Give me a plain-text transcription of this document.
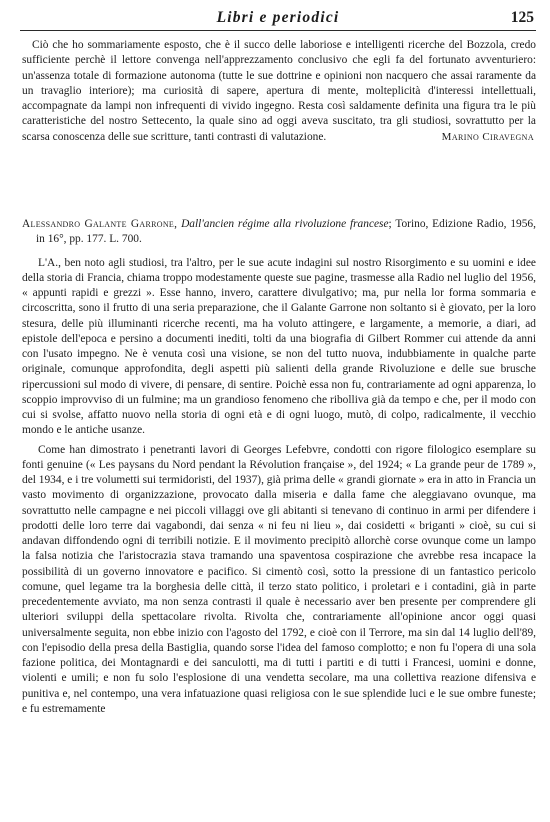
Libri e periodici	125

Ciò che ho sommariamente esposto, che è il succo delle laboriose e intelligenti ricerche del Bozzola, credo sufficiente perchè il lettore convenga nell'apprezzamento conclusivo che egli fa del fortunato avventuriero: un'assenza totale di formazione autonoma (tutte le sue dottrine e opinioni non nacquero che assai raramente da un travaglio interiore); ma curiosità di sapere, apertura di mente, molteplicità d'interessi intellettuali, accompagnate da lampi non infrequenti di vivido ingegno. Resta così saldamente definita una figura tra le più caratteristiche del nostro Settecento, la quale sino ad oggi aveva suscitato, tra gli studiosi, sovrattutto per la scarsa conoscenza delle sue scritture, tanti contrasti di valutazione.	Marino Ciravegna

Alessandro Galante Garrone, Dall'ancien régime alla rivoluzione francese; Torino, Edizione Radio, 1956, in 16°, pp. 177. L. 700.

L'A., ben noto agli studiosi, tra l'altro, per le sue acute indagini sul nostro Risorgimento e su uomini e idee della storia di Francia, chiama troppo modestamente queste sue pagine, trasmesse alla Radio nel luglio del 1956, « appunti rapidi e grezzi ». Esse hanno, invero, carattere divulgativo; ma, pur nella lor forma sommaria e circoscritta, sono il frutto di una seria preparazione, che il Galante Garrone non soltanto si è giovato, per la loro stesura, delle più illuminanti ricerche recenti, ma ha voluto attingere, e largamente, a memorie, a diari, ad epistole dell'epoca e persino a documenti inediti, tolti da una biografia di Gilbert Rommer cui attende da anni con l'usato impegno. Ne è venuta così una visione, se non del tutto nuova, indubbiamente in qualche parte originale, comunque approfondita, degli aspetti più salienti della grande Rivoluzione e delle sue brusche ripercussioni sul modo di vivere, di pensare, di sentire. Poichè essa non fu, contrariamente ad ogni apparenza, lo scoppio improvviso di un fulmine; ma un grandioso fenomeno che ribolliva già da tempo e che, per il modo con cui si svolse, affatto nuovo nella storia di ogni età e di ogni luogo, mutò, di colpo, radicalmente, il vecchio mondo e le antiche usanze.

Come han dimostrato i penetranti lavori di Georges Lefebvre, condotti con rigore filologico esemplare su fonti genuine (« Les paysans du Nord pendant la Révolution française », del 1924; « La grande peur de 1789 », del 1934, e i tre volumetti sui termidoristi, del 1937), già prima delle « grandi giornate » era in atto in Francia un vasto movimento di organizzazione, provocato dalla miseria e dalla fame che aleggiavano ovunque, ma sovrattutto nelle campagne e nei piccoli villaggi ove gli abitanti si tenevano di continuo in armi per difendere i prodotti delle loro terre dai vagabondi, dai senza « ni feu ni lieu », dai cosidetti « briganti » cioè, su cui si andavan diffondendo ogni di terribili notizie. E il movimento precipitò allorchè corse ovunque come un lampo la falsa notizia che l'aristocrazia stava tramando una spaventosa cospirazione che avrebbe resa incapace la possibilità di un governo innovatore e pacifico. Si cimentò così, sotto la pressione di un fantastico pericolo comune, quel legame tra la borghesia delle città, il terzo stato politico, i proletari e i contadini, già in parte precedentemente avviato, ma non senza contrasti il quale è necessario aver ben presente per comprendere gli ulteriori sviluppi della spettacolare rivolta. Rivolta che, contrariamente all'opinione ancor oggi quasi universalmente seguita, non ebbe inizio con l'agosto del 1792, e cioè con il Terrore, ma sin dal 14 luglio dell'89, con l'episodio della presa della Bastiglia, quando sorse l'idea del famoso complotto; e non fu l'opera di una sola fazione politica, dei Montagnardi e dei sanculotti, ma di tutti i partiti e di tutti i Francesi, uomini e donne, violenti e umili; e non fu solo l'esplosione di una vendetta secolare, ma una collettiva reazione difensiva e punitiva e, nel contempo, una vera infatuazione quasi religiosa con le sue splendide luci e le sue ombre funeste; e fu estremamente
